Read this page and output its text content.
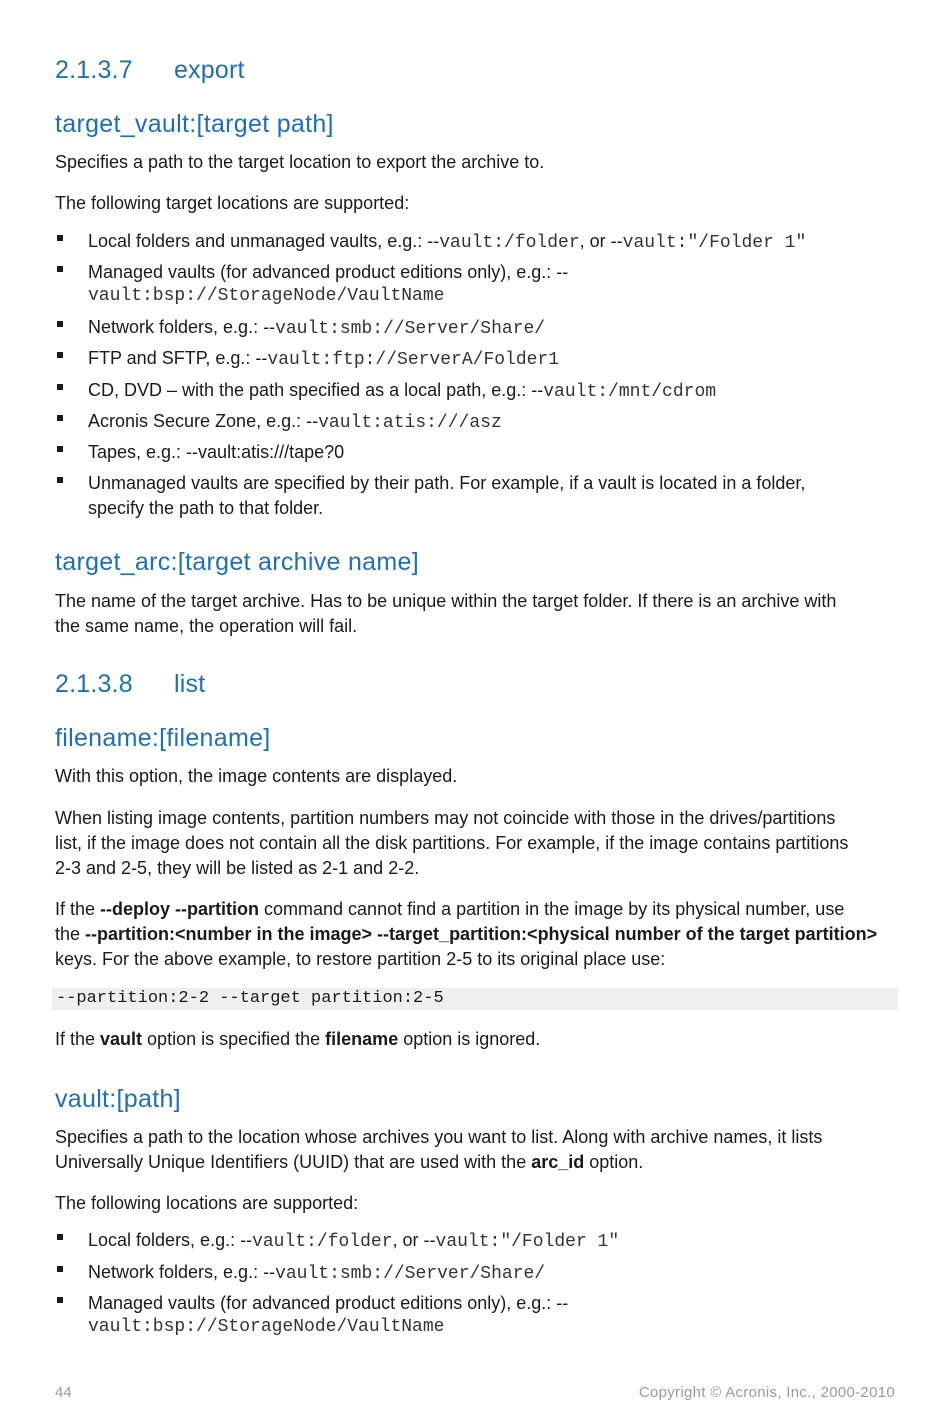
2.1.3.7 export
target_vault:[target path]
Specifies a path to the target location to export the archive to.
The following target locations are supported:
Local folders and unmanaged vaults, e.g.: --vault:/folder, or --vault:"/Folder 1"
Managed vaults (for advanced product editions only), e.g.: --
vault:bsp://StorageNode/VaultName
Network folders, e.g.: --vault:smb://Server/Share/
FTP and SFTP, e.g.: --vault:ftp://ServerA/Folder1
CD, DVD – with the path specified as a local path, e.g.: --vault:/mnt/cdrom
Acronis Secure Zone, e.g.: --vault:atis:///asz
Tapes, e.g.: --vault:atis:///tape?0
Unmanaged vaults are specified by their path. For example, if a vault is located in a folder,
specify the path to that folder.
target_arc:[target archive name]
The name of the target archive. Has to be unique within the target folder. If there is an archive with
the same name, the operation will fail.
2.1.3.8 list
filename:[filename]
With this option, the image contents are displayed.
When listing image contents, partition numbers may not coincide with those in the drives/partitions
list, if the image does not contain all the disk partitions. For example, if the image contains partitions
2-3 and 2-5, they will be listed as 2-1 and 2-2.
If the --deploy --partition command cannot find a partition in the image by its physical number, use
the --partition:<number in the image> --target_partition:<physical number of the target partition>
keys. For the above example, to restore partition 2-5 to its original place use:
--partition:2-2 --target partition:2-5
If the vault option is specified the filename option is ignored.
vault:[path]
Specifies a path to the location whose archives you want to list. Along with archive names, it lists
Universally Unique Identifiers (UUID) that are used with the arc_id option.
The following locations are supported:
Local folders, e.g.: --vault:/folder, or --vault:"/Folder 1"
Network folders, e.g.: --vault:smb://Server/Share/
Managed vaults (for advanced product editions only), e.g.: --
vault:bsp://StorageNode/VaultName
44	Copyright © Acronis, Inc., 2000-2010
